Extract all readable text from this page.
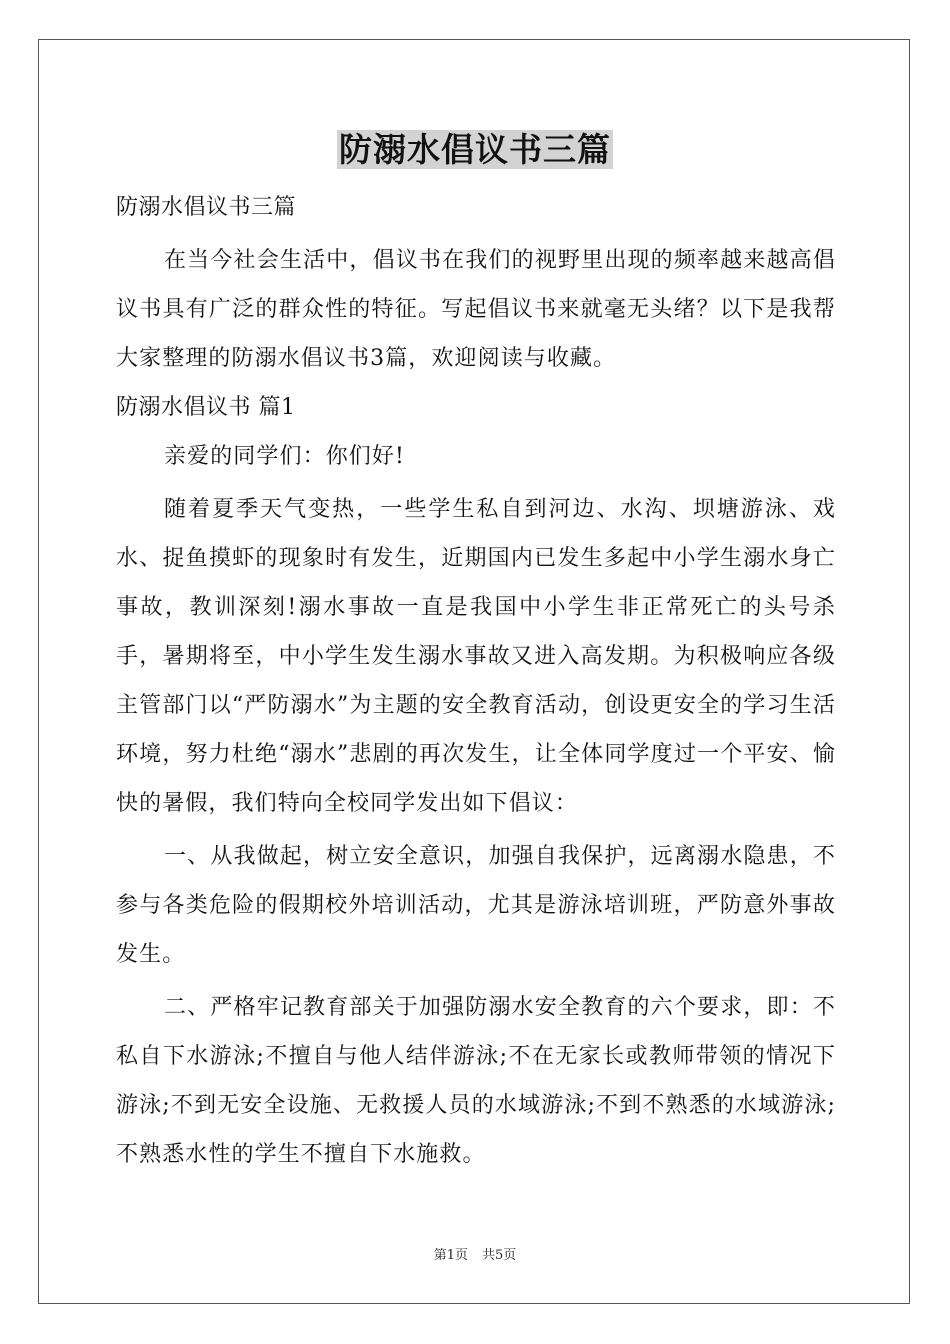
防溺水倡议书三篇

防溺水倡议书三篇

在当今社会生活中，倡议书在我们的视野里出现的频率越来越高倡议书具有广泛的群众性的特征。写起倡议书来就毫无头绪？以下是我帮大家整理的防溺水倡议书3篇，欢迎阅读与收藏。

防溺水倡议书 篇1

亲爱的同学们：你们好!

随着夏季天气变热，一些学生私自到河边、水沟、坝塘游泳、戏水、捉鱼摸虾的现象时有发生，近期国内已发生多起中小学生溺水身亡事故，教训深刻!溺水事故一直是我国中小学生非正常死亡的头号杀手，暑期将至，中小学生发生溺水事故又进入高发期。为积极响应各级主管部门以“严防溺水”为主题的安全教育活动，创设更安全的学习生活环境，努力杜绝“溺水”悲剧的再次发生，让全体同学度过一个平安、愉快的暑假，我们特向全校同学发出如下倡议：

一、从我做起，树立安全意识，加强自我保护，远离溺水隐患，不参与各类危险的假期校外培训活动，尤其是游泳培训班，严防意外事故发生。

二、严格牢记教育部关于加强防溺水安全教育的六个要求，即：不私自下水游泳;不擅自与他人结伴游泳;不在无家长或教师带领的情况下游泳;不到无安全设施、无救援人员的水域游泳;不到不熟悉的水域游泳;不熟悉水性的学生不擅自下水施救。

第1页 共5页
